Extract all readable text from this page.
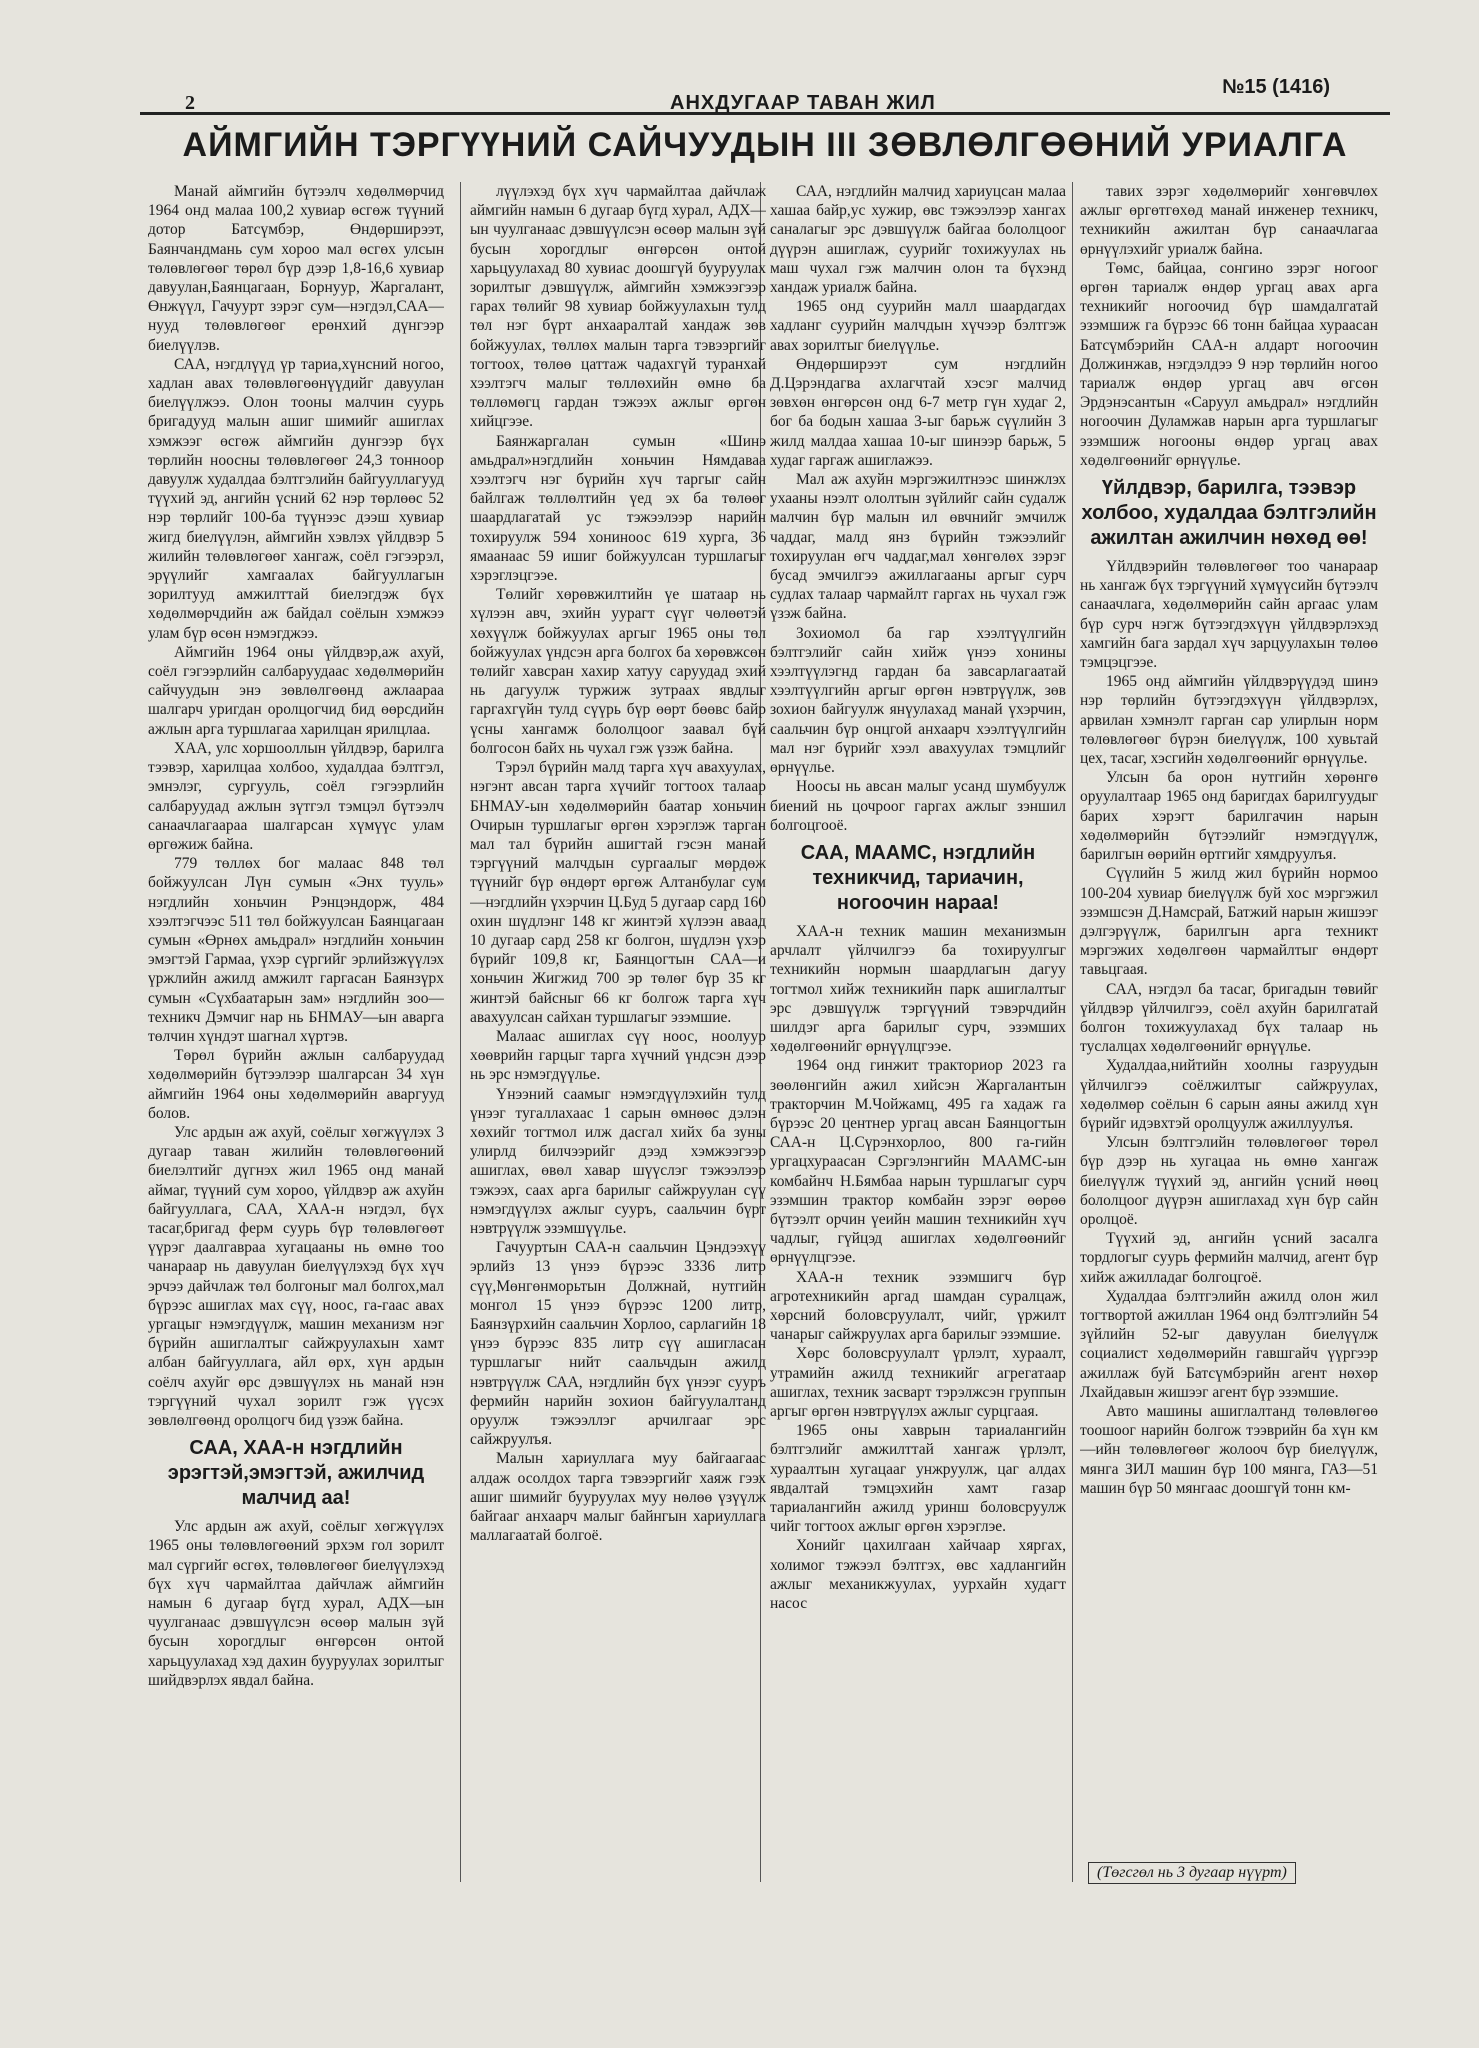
2	АНХДУГААР ТАВАН ЖИЛ
№15 (1416)
АЙМГИЙН ТЭРГҮҮНИЙ САЙЧУУДЫН III ЗӨВЛӨЛГӨӨНИЙ УРИАЛГА

Манай аймгийн бүтээлч хөдөлмөрчид 1964 онд малаа 100,2 хувиар өсгөж түүний дотор Батсүмбэр, Өндөрширээт, Баянчандмань сум хороо мал өсгөх улсын төлөвлөгөөг төрөл бүр дээр 1,8-16,6 хувиар давуулан,Баянцагаан, Борнуур, Жаргалант, Өнжүүл, Гачуурт зэрэг сум—нэгдэл,САА—нууд төлөвлөгөөг ерөнхий дүнгээр биелүүлэв.

САА, нэгдлүүд үр тариа,хүнсний ногоо, хадлан авах төлөвлөгөөнүүдийг давуулан биелүүлжээ. Олон тооны малчин суурь бригадууд малын ашиг шимийг ашиглах хэмжээг өсгөж аймгийн дунгээр бүх төрлийн ноосны төлөвлөгөөг 24,3 тонноор давуулж худалдаа бэлтгэлийн байгууллагууд түүхий эд, ангийн үсний 62 нэр төрлөөс 52 нэр төрлийг 100-ба түүнээс дээш хувиар жигд биелүүлэн, аймгийн хэвлэх үйлдвэр 5 жилийн төлөвлөгөөг хангаж, соёл гэгээрэл, эрүүлийг хамгаалах байгууллагын зорилтууд амжилттай биелэгдэж бүх хөдөлмөрчдийн аж байдал соёлын хэмжээ улам бүр өсөн нэмэгджээ.

Аймгийн 1964 оны үйлдвэр,аж ахуй, соёл гэгээрлийн салбаруудаас хөдөлмөрийн сайчуудын энэ зөвлөлгөөнд ажлаараа шалгарч уригдан оролцогчид бид өөрсдийн ажлын арга туршлагаа харилцан ярилцлаа.

ХАА, улс хоршооллын үйлдвэр, барилга тээвэр, харилцаа холбоо, худалдаа бэлтгэл, эмнэлэг, сургууль, соёл гэгээрлийн салбаруудад ажлын зүтгэл тэмцэл бүтээлч санаачлагаараа шалгарсан хүмүүс улам өргөжиж байна.

779 төллөх бог малаас 848 төл бойжуулсан Лүн сумын «Энх тууль» нэгдлийн хоньчин Рэнцэндорж, 484 хээлтэгчээс 511 төл бойжуулсан Баянцагаан сумын «Өрнөх амьдрал» нэгдлийн хоньчин эмэгтэй Гармаа, үхэр сүргийг эрлийзжүүлэх үржлийн ажилд амжилт гаргасан Баянзүрх сумын «Сүхбаатарын зам» нэгдлийн зоо—техникч Дэмчиг нар нь БНМАУ—ын аварга төлчин хүндэт шагнал хүртэв.

Төрөл бүрийн ажлын салбаруудад хөдөлмөрийн бүтээлээр шалгарсан 34 хүн аймгийн 1964 оны хөдөлмөрийн аваргууд болов.

Улс ардын аж ахуй, соёлыг хөгжүүлэх 3 дугаар таван жилийн төлөвлөгөөний биелэлтийг дүгнэх жил 1965 онд манай аймаг, түүний сум хороо, үйлдвэр аж ахуйн байгууллага, САА, ХАА-н нэгдэл, бүх тасаг,бригад ферм суурь бүр төлөвлөгөөт үүрэг даалгавраа хугацааны нь өмнө тоо чанараар нь давуулан биелүүлэхэд бүх хүч эрчээ дайчлаж төл болгоныг мал болгох,мал бүрээс ашиглах мах сүү, ноос, га-гаас авах ургацыг нэмэгдүүлж, машин механизм нэг бүрийн ашиглалтыг сайжруулахын хамт албан байгууллага, айл өрх, хүн ардын соёлч ахуйг өрс дэвшүүлэх нь манай нэн тэргүүний чухал зорилт гэж үүсэх зөвлөлгөөнд оролцогч бид үзэж байна.

САА, ХАА-н нэгдлийн эрэгтэй,эмэгтэй, ажилчид малчид аа!

Улс ардын аж ахуй, соёлыг хөгжүүлэх 1965 оны төлөвлөгөөний эрхэм гол зорилт мал сүргийг өсгөх, төлөвлөгөөг биелүүлэхэд бүх хүч чармайлтаа дайчлаж аймгийн намын 6 дугаар бүгд хурал, АДХ—ын чуулганаас дэвшүүлсэн өсөөр малын зүй бусын хорогдлыг өнгөрсөн онтой харьцуулахад хэд дахин бууруулах зорилтыг шийдвэрлэх явдал байна.

лүүлэхэд бүх хүч чармайлтаа дайчлаж аймгийн намын 6 дугаар бүгд хурал, АДХ—ын чуулганаас дэвшүүлсэн өсөөр малын зүй бусын хорогдлыг өнгөрсөн онтой харьцуулахад 80 хувиас доошгүй бууруулах зорилтыг дэвшүүлж, аймгийн хэмжээгээр гарах төлийг 98 хувиар бойжуулахын тулд төл нэг бүрт анхааралтай хандаж зөв бойжуулах, төллөх малын тарга тэвээргийг тогтоох, төлөө цаттаж чадахгүй туранхай хээлтэгч малыг төллөхийн өмнө ба төллөмөгц гардан тэжээх ажлыг өргөн хийцгээе.

Баянжаргалан сумын «Шинэ амьдрал»нэгдлийн хоньчин Нямдаваа хээлтэгч нэг бүрийн хүч таргыг сайн байлгаж төллөлтийн үед эх ба төлөөг шаардлагатай ус тэжээлээр нарийн тохируулж 594 хониноос 619 хурга, 36 ямаанаас 59 ишиг бойжуулсан туршлагыг хэрэглэцгээе.

Төлийг хөрөвжилтийн үе шатаар нь хүлээн авч, эхийн уурагт сүүг чөлөөтэй хөхүүлж бойжуулах аргыг 1965 оны төл бойжуулах үндсэн арга болгох ба хөрөвжсөн төлийг хавсран хахир хатуу саруудад эхий нь дагуулж туржиж зутраах явдлыг гаргахгүйн тулд сүүрь бүр өөрт бөөвс байр үсны хангамж бололцоог заавал бүй болгосон байх нь чухал гэж үзэж байна.

Тэрэл бүрийн малд тарга хүч авахуулах, нэгэнт авсан тарга хүчийг тогтоох талаар БНМАУ-ын хөдөлмөрийн баатар хоньчин Очирын туршлагыг өргөн хэрэглэж тарган мал тал бүрийн ашигтай гэсэн манай тэргүүний малчдын сургаалыг мөрдөж түүнийг бүр өндөрт өргөж Алтанбулаг сум—нэгдлийн үхэрчин Ц.Буд 5 дугаар сард 160 охин шүдлэнг 148 кг жинтэй хүлээн аваад 10 дугаар сард 258 кг болгон, шүдлэн үхэр бүрийг 109,8 кг, Баянцогтын САА—и хоньчин Жигжид 700 эр төлөг бүр 35 кг жинтэй байсныг 66 кг болгож тарга хүч авахуулсан сайхан туршлагыг эзэмшиe.

Малаас ашиглах сүү ноос, ноолуур хөөврийн гарцыг тарга хүчний үндсэн дээр нь эрс нэмэгдүүлье.

Үнээний саамыг нэмэгдүүлэхийн тулд үнээг тугаллахаас 1 сарын өмнөөс дэлэн хөхийг тогтмол илж дасгал хийх ба зуны улирлд билчээрийг дээд хэмжээгээр ашиглах, өвөл хавар шүүслэг тэжээлээр тэжээх, саах арга барилыг сайжруулан сүү нэмэгдүүлэх ажлыг сууръ, саальчин бүрт нэвтрүүлж эзэмшүүлье.

Гачууртын САА-н саальчин Цэндээхүү эрлийз 13 үнээ бүрээс 3336 литр сүү,Мөнгөнморьтын Должнай, нутгийн монгол 15 үнээ бүрээс 1200 литр, Баянзүрхийн саальчин Хорлоо, сарлагийн 18 үнээ бүрээс 835 литр сүү ашигласан туршлагыг нийт саальчдын ажилд нэвтрүүлж САА, нэгдлийн бүх үнээг сууръ фермийн нарийн зохион байгуулалтанд оруулж тэжээллэг арчилгааг эрс сайжруулъя.

Малын хариуллага муу байгаагаас алдаж осолдох тарга тэвээргийг хаяж гээх ашиг шимийг бууруулах муу нөлөө үзүүлж байгааг анхаарч малыг байнгын хариуллага маллагаатай болгоё.

САА, нэгдлийн малчид хариуцсан малаа хашаа байр,ус хужир, өвс тэжээлээр хангах саналагыг эрс дэвшүүлж байгаа бололцоог дүүрэн ашиглаж, суурийг тохижуулах нь маш чухал гэж малчин олон та бүхэнд хандаж уриалж байна.

1965 онд суурийн малл шаардагдах хадланг суурийн малчдын хүчээр бэлтгэж авах зорилтыг биелүүлье.

Өндөрширээт сум нэгдлийн Д.Цэрэндагва ахлагчтай хэсэг малчид зөвхөн өнгөрсөн онд 6-7 метр гүн худаг 2, бог ба бодын хашаа 3-ыг барьж сүүлийн 3 жилд малдаа хашаа 10-ыг шинээр барьж, 5 худаг гаргаж ашиглажээ.

Мал аж ахуйн мэргэжилтнээс шинжлэх ухааны нээлт ололтын зүйлийг сайн судалж малчин бүр малын ил өвчнийг эмчилж чаддаг, малд янз бүрийн тэжээлийг тохируулан өгч чаддаг,мал хөнгөлөх зэрэг бусад эмчилгээ ажиллагааны аргыг сурч судлах талаар чармайлт гаргах нь чухал гэж үзэж байна.

Зохиомол ба гар хээлтүүлгийн бэлтгэлийг сайн хийж үнээ хонины хээлтүүлэгнд гардан ба завсарлагаатай хээлтүүлгийн аргыг өргөн нэвтрүүлж, зөв зохион байгуулж янүулахад манай үхэрчин, саальчин бүр онцгой анхаарч хээлтүүлгийн мал нэг бүрийг хээл авахуулах тэмцлийг өрнүүлье.

Ноосы нь авсан малыг усанд шумбуулж биений нь цочроог гаргах ажлыг зэншил болгоцгооё.

САА, МААМС, нэгдлийн техникчид, тариачин, ногоочин нараа!

ХАА-н техник машин механизмын арчлалт үйлчилгээ ба тохируулгыг техникийн нормын шаардлагын дагуу тогтмол хийж техникийн парк ашиглалтыг эрс дэвшүүлж тэргүүний тэвэрчдийн шилдэг арга барилыг сурч, эзэмших хөдөлгөөнийг өрнүүлцгээе.

1964 онд гинжит тракториор 2023 га зөөлөнгийн ажил хийсэн Жаргалантын тракторчин М.Чойжамц, 495 га хадаж га бүрээс 20 центнер ургац авсан Баянцогтын САА-н Ц.Сүрэнхорлоо, 800 га-гийн ургацхураасан Сэргэлэнгийн МААМС-ын комбайнч Н.Бямбаа нарын туршлагыг сурч эзэмшин трактор комбайн зэрэг өөрөө бүтээлт орчин үеийн машин техникийн хүч чадлыг, гүйцэд ашиглах хөдөлгөөнийг өрнүүлцгээе.

ХАА-н техник эзэмшигч бүр агротехникийн аргад шамдан суралцаж, хөрсний боловсруулалт, чийг, үржилт чанарыг сайжруулах арга барилыг эзэмшие.

Хөрс боловсруулалт үрлэлт, хураалт, утрамийн ажилд техникийг агрегатаар ашиглах, техник засварт тэрэлжсэн группын аргыг өргөн нэвтрүүлэх ажлыг сурцгаая.

1965 оны хаврын тариалангийн бэлтгэлийг амжилттай хангаж үрлэлт, хураалтын хугацааг унжруулж, цаг алдах явдалтай тэмцэхийн хамт газар тариалангийн ажилд уринш боловсруулж чийг тогтоох ажлыг өргөн хэрэглэе.

Хонийг цахилгаан хайчаар хяргах, холимог тэжээл бэлтгэх, өвс хадлангийн ажлыг механикжуулах, уурхайн худагт насос

тавих зэрэг хөдөлмөрийг хөнгөвчлөх ажлыг өргөтгөхөд манай инженер техникч, техникийн ажилтан бүр санаачлагаа өрнүүлэхийг уриалж байна.

Төмс, байцаа, сонгино зэрэг ногоог өргөн тариалж өндөр ургац авах арга техникийг ногоочид бүр шамдалгатай эзэмшиж га бүрээс 66 тонн байцаа хураасан Батсүмбэрийн САА-н алдарт ногоочин Должинжав, нэгдэлдээ 9 нэр төрлийн ногоо тариалж өндөр ургац авч өгсөн Эрдэнэсантын «Саруул амьдрал» нэгдлийн ногоочин Дуламжав нарын арга туршлагыг эзэмшиж ногооны өндөр ургац авах хөдөлгөөнийг өрнүүлье.

Үйлдвэр, барилга, тээвэр холбоо, худалдаа бэлтгэлийн ажилтан ажилчин нөхөд өө!

Үйлдвэрийн төлөвлөгөөг тоо чанараар нь хангаж бүх тэргүүний хүмүүсийн бүтээлч санаачлага, хөдөлмөрийн сайн аргаас улам бүр сурч нэгж бүтээгдэхүүн үйлдвэрлэхэд хамгийн бага зардал хүч зарцуулахын төлөө тэмцэцгээе.

1965 онд аймгийн үйлдвэрүүдэд шинэ нэр төрлийн бүтээгдэхүүн үйлдвэрлэх, арвилан хэмнэлт гарган сар улирлын норм төлөвлөгөөг бүрэн биелүүлж, 100 хувьтай цех, тасаг, хэсгийн хөдөлгөөнийг өрнүүлье.

Улсын ба орон нутгийн хөрөнгө оруулалтаар 1965 онд баригдах барилгуудыг барих хэрэгт барилгачин нарын хөдөлмөрийн бүтээлийг нэмэгдүүлж, барилгын өөрийн өртгийг хямдруулъя.

Сүүлийн 5 жилд жил бүрийн нормоо 100-204 хувиар биелүүлж буй хос мэргэжил эзэмшсэн Д.Намсрай, Батжий нарын жишээг дэлгэрүүлж, барилгын арга техникт мэргэжих хөдөлгөөн чармайлтыг өндөрт тавьцгаая.

САА, нэгдэл ба тасаг, бригадын төвийг үйлдвэр үйлчилгээ, соёл ахуйн барилгатай болгон тохижуулахад бүх талаар нь туслалцах хөдөлгөөнийг өрнүүлье.

Худалдаа,нийтийн хоолны газруудын үйлчилгээ соёлжилтыг сайжруулах, хөдөлмөр соёлын 6 сарын аяны ажилд хүн бүрийг идэвхтэй оролцуулж ажиллуулъя.

Улсын бэлтгэлийн төлөвлөгөөг төрөл бүр дээр нь хугацаа нь өмнө хангаж биелүүлж түүхий эд, ангийн үсний нөөц бололцоог дүүрэн ашиглахад хүн бүр сайн оролцоё.

Түүхий эд, ангийн үсний засалга тордлогыг суурь фермийн малчид, агент бүр хийж ажилладаг болгоцгоё.

Худалдаа бэлтгэлийн ажилд олон жил тогтвортой ажиллан 1964 онд бэлтгэлийн 54 зүйлийн 52-ыг давуулан биелүүлж социалист хөдөлмөрийн гавшгайч үүргээр ажиллаж буй Батсүмбэрийн агент нөхөр Лхайдавын жишээг агент бүр эзэмшие.

Авто машины ашиглалтанд төлөвлөгөө тоошоог нарийн болгож тээврийн ба хүн км—ийн төлөвлөгөөг жолооч бүр биелүүлж, мянга ЗИЛ машин бүр 100 мянга, ГАЗ—51 машин бүр 50 мянгаас доошгүй тонн км-

(Төгсгөл нь 3 дугаар нүүрт)
